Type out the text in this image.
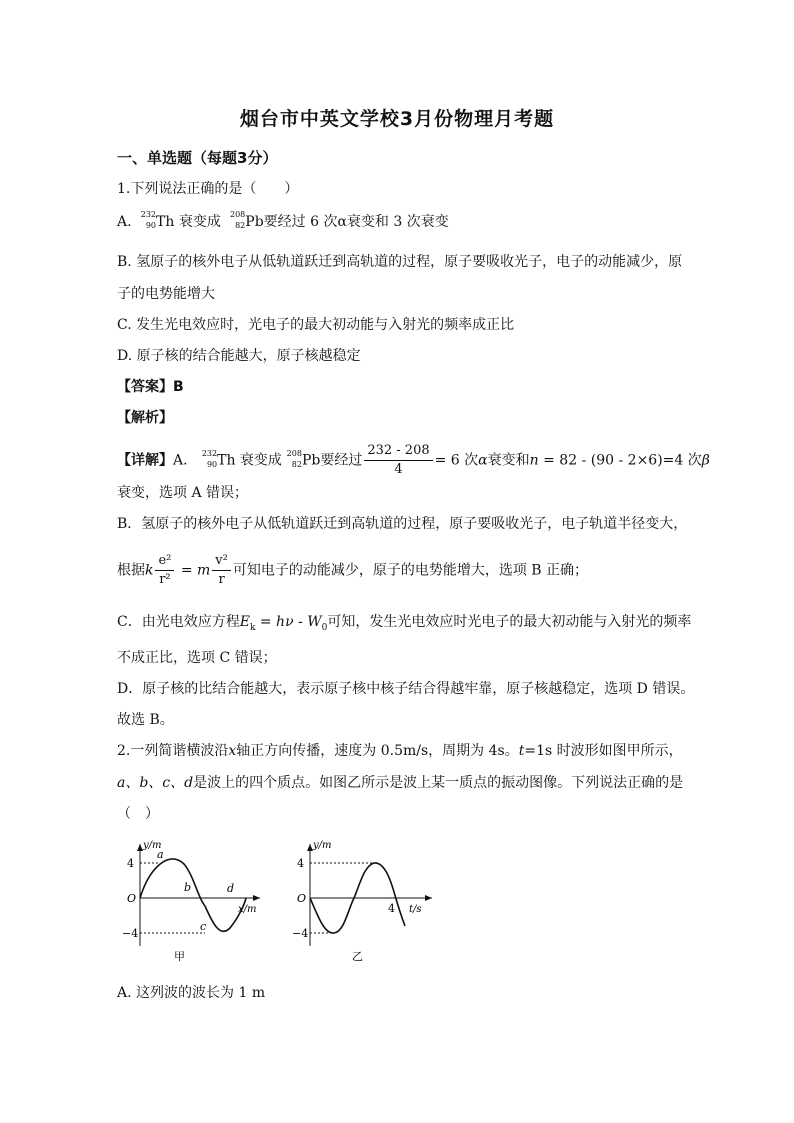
烟台市中英文学校3月份物理月考题
一、单选题（每题3分）
1.下列说法正确的是（　　）
A. 232
90 Th 衰变成 208
82 Pb要经过 6 次α衰变和 3 次衰变
B. 氢原子的核外电子从低轨道跃迁到高轨道的过程，原子要吸收光子，电子的动能减少，原
子的电势能增大
C. 发生光电效应时，光电子的最大初动能与入射光的频率成正比
D. 原子核的结合能越大，原子核越稳定
【答案】B
【解析】
【详解】A． 232
90 Th 衰变成 208
82 Pb要经过 $\frac{232 - 208}{4} = 6$ 次α衰变和n = 82 - (90 - 2×6)=4 次β
衰变，选项 A 错误；
B．氢原子的核外电子从低轨道跃迁到高轨道的过程，原子要吸收光子，电子轨道半径变大，
根据k $\frac{\text{e²}}{\text{r²}} = m \frac{\text{v²}}{r}$ 可知电子的动能减少，原子的电势能增大，选项 B 正确；
C．由光电效应方程$E_k = h\nu - W_0$可知，发生光电效应时光电子的最大初动能与入射光的频率
不成正比，选项 C 错误；
D．原子核的比结合能越大，表示原子核中核子结合得越牢靠，原子核越稳定，选项 D 错误。
故选 B。
2.一列简谐横波沿x轴正方向传播，速度为 0.5m/s，周期为 4s。t=1s 时波形如图甲所示，
a、b、c、d是波上的四个质点。如图乙所示是波上某一质点的振动图像。下列说法正确的是
（　）
y/m
x/m
O
4
−4
a
b
c
d
甲
y/m
t/s
O
4
−4
4
乙
A. 这列波的波长为 1 m
